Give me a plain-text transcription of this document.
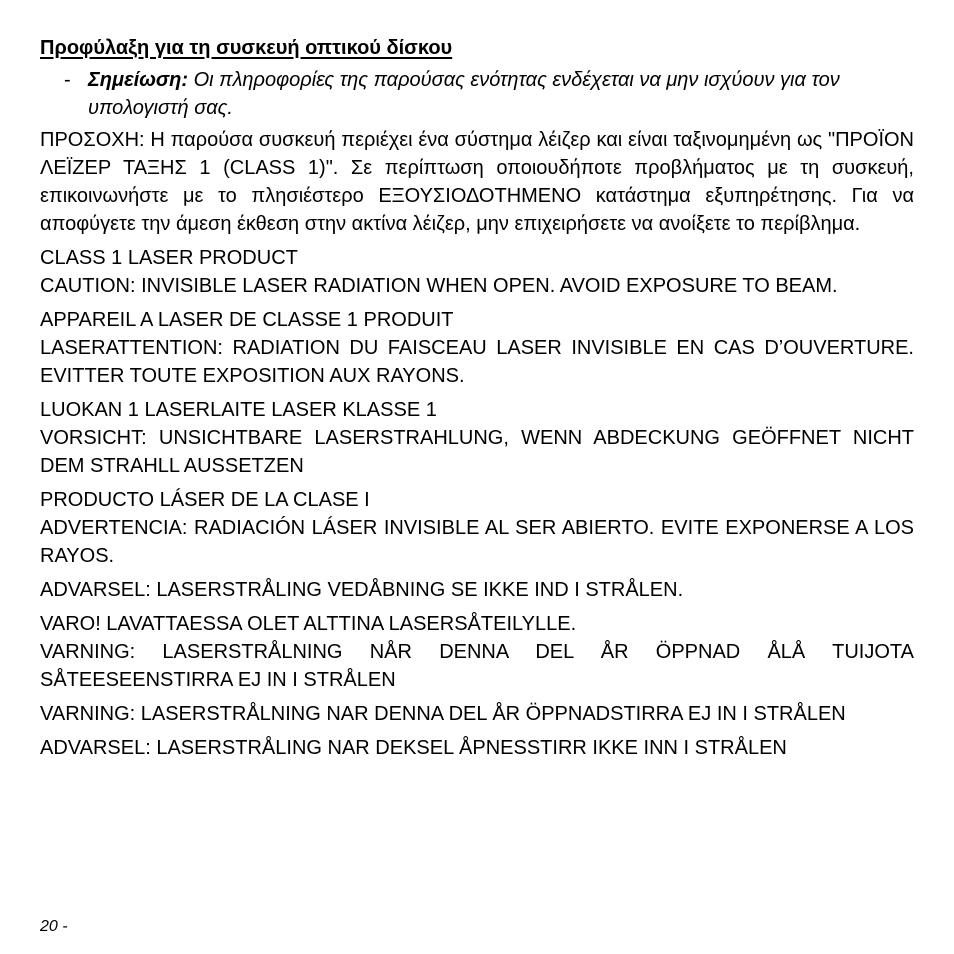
Προφύλαξη για τη συσκευή οπτικού δίσκου
- Σημείωση: Οι πληροφορίες της παρούσας ενότητας ενδέχεται να μην ισχύουν για τον υπολογιστή σας.

ΠΡΟΣΟΧΗ: Η παρούσα συσκευή περιέχει ένα σύστημα λέιζερ και είναι ταξινομημένη ως "ΠΡΟΪΟΝ ΛΕΪΖΕΡ ΤΑΞΗΣ 1 (CLASS 1)". Σε περίπτωση οποιουδήποτε προβλήματος με τη συσκευή, επικοινωνήστε με το πλησιέστερο ΕΞΟΥΣΙΟΔΟΤΗΜΕΝΟ κατάστημα εξυπηρέτησης. Για να αποφύγετε την άμεση έκθεση στην ακτίνα λέιζερ, μην επιχειρήσετε να ανοίξετε το περίβλημα.

CLASS 1 LASER PRODUCT

CAUTION: INVISIBLE LASER RADIATION WHEN OPEN. AVOID EXPOSURE TO BEAM.

APPAREIL A LASER DE CLASSE 1 PRODUIT

LASERATTENTION: RADIATION DU FAISCEAU LASER INVISIBLE EN CAS D’OUVERTURE. EVITTER TOUTE EXPOSITION AUX RAYONS.

LUOKAN 1 LASERLAITE LASER KLASSE 1

VORSICHT: UNSICHTBARE LASERSTRAHLUNG, WENN ABDECKUNG GEÖFFNET NICHT DEM STRAHLL AUSSETZEN

PRODUCTO LÁSER DE LA CLASE I

ADVERTENCIA: RADIACIÓN LÁSER INVISIBLE AL SER ABIERTO. EVITE EXPONERSE A LOS RAYOS.

ADVARSEL: LASERSTRÅLING VEDÅBNING SE IKKE IND I STRÅLEN.

VARO! LAVATTAESSA OLET ALTTINA LASERSÅTEILYLLE.

VARNING: LASERSTRÅLNING NÅR DENNA DEL ÅR ÖPPNAD ÅLÅ TUIJOTA SÅTEESEENSTIRRA EJ IN I STRÅLEN

VARNING: LASERSTRÅLNING NAR DENNA DEL ÅR ÖPPNADSTIRRA EJ IN I STRÅLEN

ADVARSEL: LASERSTRÅLING NAR DEKSEL ÅPNESSTIRR IKKE INN I STRÅLEN

20 -
